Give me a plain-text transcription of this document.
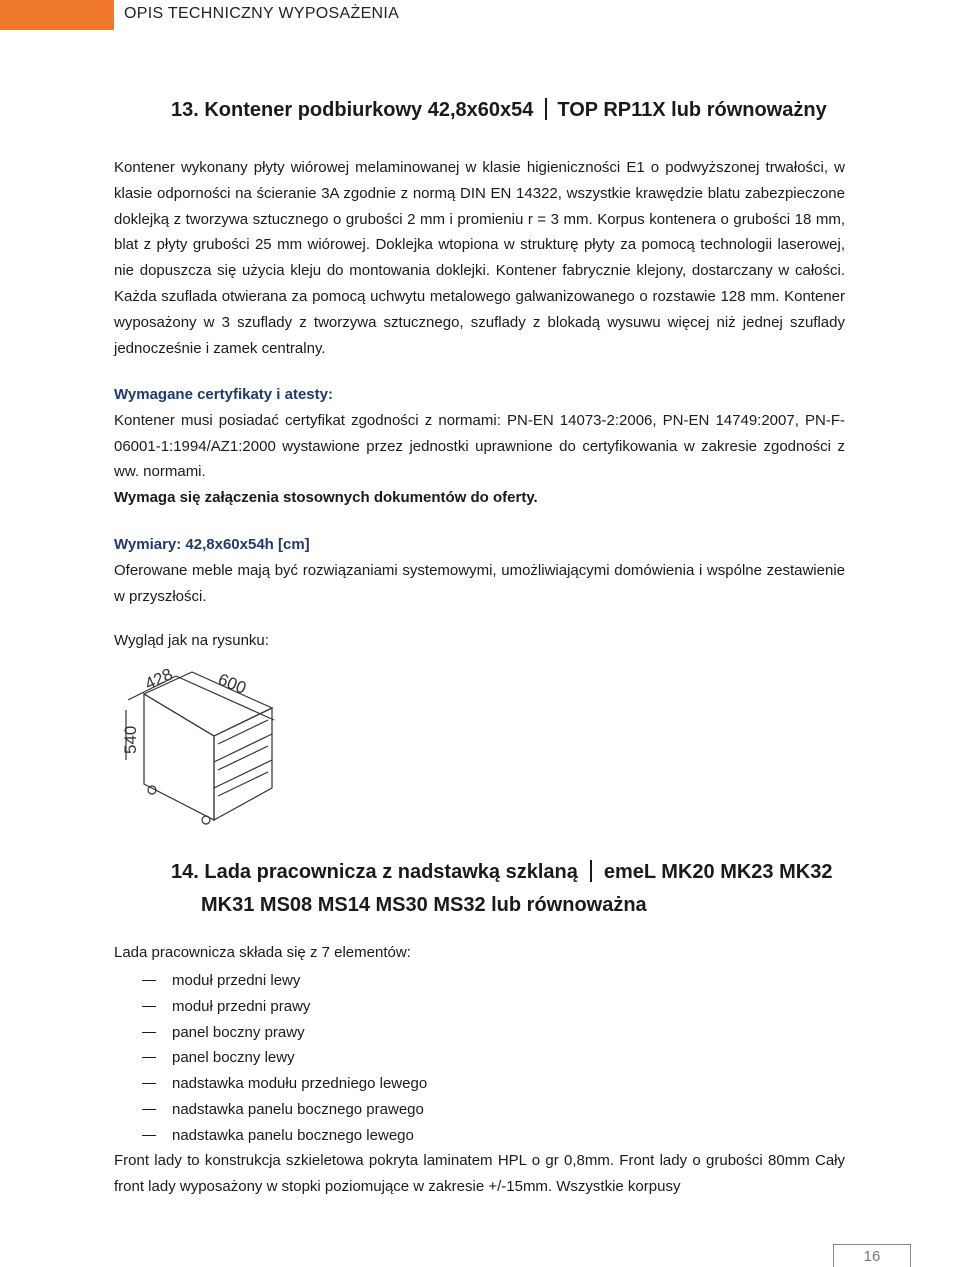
OPIS TECHNICZNY WYPOSAŻENIA
13. Kontener podbiurkowy 42,8x60x54 TOP RP11X lub równoważny

Kontener wykonany płyty wiórowej melaminowanej w klasie higieniczności E1 o podwyższonej trwałości, w klasie odporności na ścieranie 3A zgodnie z normą DIN EN 14322, wszystkie krawędzie blatu zabezpieczone doklejką z tworzywa sztucznego o grubości 2 mm i promieniu r = 3 mm. Korpus kontenera o grubości 18 mm, blat z płyty grubości 25 mm wiórowej. Doklejka wtopiona w strukturę płyty za pomocą technologii laserowej, nie dopuszcza się użycia kleju do montowania doklejki. Kontener fabrycznie klejony, dostarczany w całości. Każda szuflada otwierana za pomocą uchwytu metalowego galwanizowanego o rozstawie 128 mm. Kontener wyposażony w 3 szuflady z tworzywa sztucznego, szuflady z blokadą wysuwu więcej niż jednej szuflady jednocześnie i zamek centralny.

Wymagane certyfikaty i atesty:

Kontener musi posiadać certyfikat zgodności z normami: PN-EN 14073-2:2006, PN-EN 14749:2007, PN-F-06001-1:1994/AZ1:2000 wystawione przez jednostki uprawnione do certyfikowania w zakresie zgodności z ww. normami.

Wymaga się załączenia stosownych dokumentów do oferty.

Wymiary: 42,8x60x54h [cm]

Oferowane meble mają być rozwiązaniami systemowymi, umożliwiającymi domówienia i wspólne zestawienie w przyszłości.

Wygląd jak na rysunku:
428 600
540
14. Lada pracownicza z nadstawką szklaną emeL MK20 MK23 MK32
MK31 MS08 MS14 MS30 MS32 lub równoważna
Lada pracownicza składa się z 7 elementów:
moduł przedni lewy
moduł przedni prawy
panel boczny prawy
panel boczny lewy
nadstawka modułu przedniego lewego
nadstawka panelu bocznego prawego
nadstawka panelu bocznego lewego
Front lady to konstrukcja szkieletowa pokryta laminatem HPL o gr 0,8mm. Front lady o grubości 80mm Cały front lady wyposażony w stopki poziomujące w zakresie +/-15mm. Wszystkie korpusy
16
